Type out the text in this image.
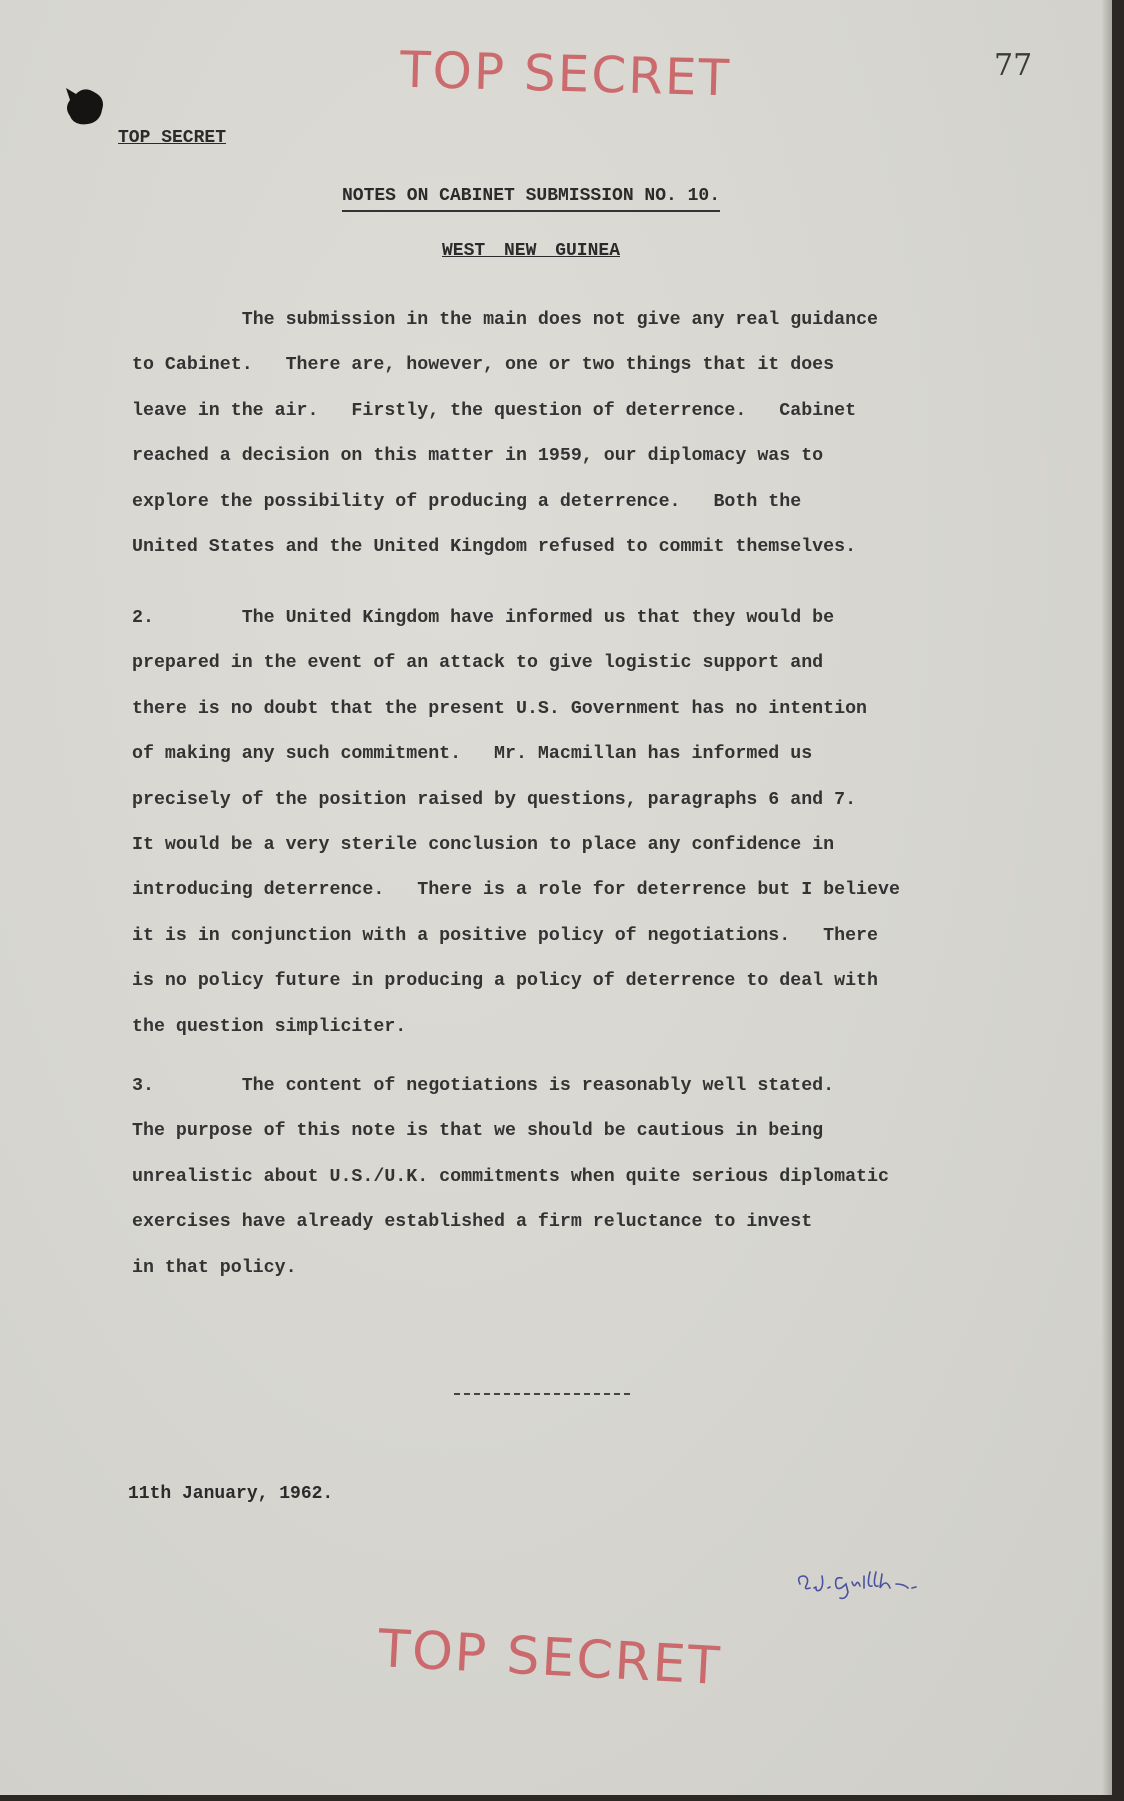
TOP SECRET	77
TOP SECRET
NOTES ON CABINET SUBMISSION NO. 10.
WEST NEW GUINEA
The submission in the main does not give any real guidance
to Cabinet.   There are, however, one or two things that it does
leave in the air.   Firstly, the question of deterrence.   Cabinet
reached a decision on this matter in 1959, our diplomacy was to
explore the possibility of producing a deterrence.   Both the
United States and the United Kingdom refused to commit themselves.
2.        The United Kingdom have informed us that they would be
prepared in the event of an attack to give logistic support and
there is no doubt that the present U.S. Government has no intention
of making any such commitment.   Mr. Macmillan has informed us
precisely of the position raised by questions, paragraphs 6 and 7.
It would be a very sterile conclusion to place any confidence in
introducing deterrence.   There is a role for deterrence but I believe
it is in conjunction with a positive policy of negotiations.   There
is no policy future in producing a policy of deterrence to deal with
the question simpliciter.
3.        The content of negotiations is reasonably well stated.
The purpose of this note is that we should be cautious in being
unrealistic about U.S./U.K. commitments when quite serious diplomatic
exercises have already established a firm reluctance to invest
in that policy.
11th January, 1962.
TOP SECRET
